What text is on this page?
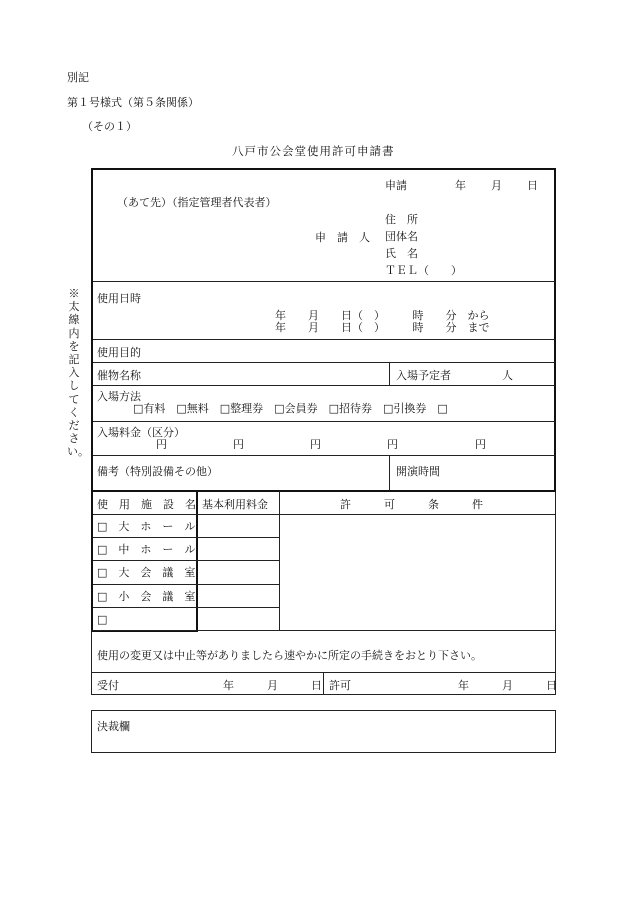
別記
第１号様式（第５条関係）
（その１）
八戸市公会堂使用許可申請書
※太線内を記入してください。
申請	年 月 日
（あて先）（指定管理者代表者）
申　請　人
住　所
団体名
氏　名
ＴＥＬ（　　）
使用日時
年　　月　　日（　）　　　時　　分　から
年　　月　　日（　）　　　時　　分　まで
使用目的
催物名称	入場予定者	人
入場方法
□有料　□無料　□整理券　□会員券　□招待券　□引換券　□
入場料金（区分）
円　　　　　　円　　　　　　円　　　　　　円　　　　　　　円
備考（特別設備その他）	開演時間
使　用　施　設　名 基本利用料金	許　　　可　　　条　　　件
□　大　ホ　ー　ル
□　中　ホ　ー　ル
□　大　会　議　室
□　小　会　議　室
□
使用の変更又は中止等がありましたら速やかに所定の手続きをおとり下さい。
受付	年　　　月　　　日 許可	年　　　月　　　日
決裁欄
